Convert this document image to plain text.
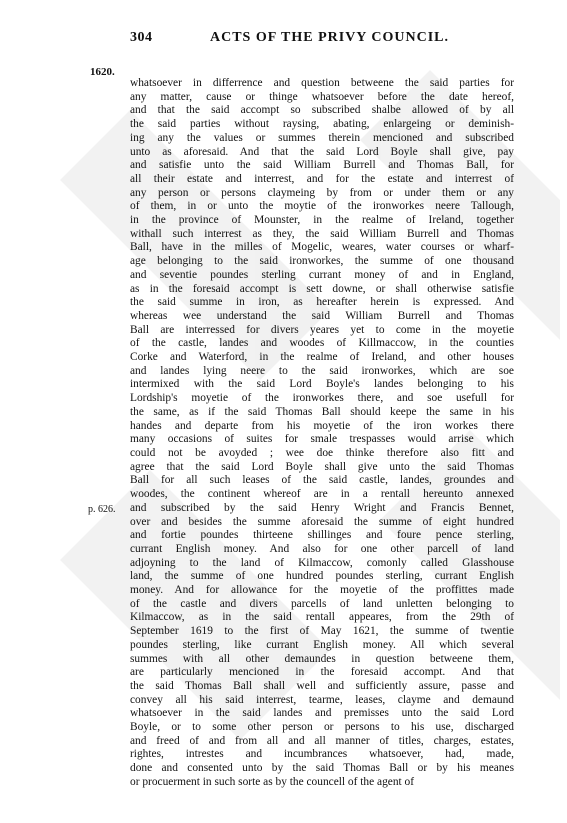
304	ACTS OF THE PRIVY COUNCIL.
1620.
p. 626.
whatsoever in differrence and question betweene the said parties for
any matter, cause or thinge whatsoever before the date hereof,
and that the said accompt so subscribed shalbe allowed of by all
the said parties without raysing, abating, enlargeing or deminish-
ing any the values or summes therein mencioned and subscribed
unto as aforesaid. And that the said Lord Boyle shall give, pay
and satisfie unto the said William Burrell and Thomas Ball, for
all their estate and interrest, and for the estate and interrest of
any person or persons claymeing by from or under them or any
of them, in or unto the moytie of the ironworkes neere Tallough,
in the province of Mounster, in the realme of Ireland, together
withall such interrest as they, the said William Burrell and Thomas
Ball, have in the milles of Mogelic, weares, water courses or wharf-
age belonging to the said ironworkes, the summe of one thousand
and seventie poundes sterling currant money of and in England,
as in the foresaid accompt is sett downe, or shall otherwise satisfie
the said summe in iron, as hereafter herein is expressed. And
whereas wee understand the said William Burrell and Thomas
Ball are interressed for divers yeares yet to come in the moyetie
of the castle, landes and woodes of Killmaccow, in the counties
Corke and Waterford, in the realme of Ireland, and other houses
and landes lying neere to the said ironworkes, which are soe
intermixed with the said Lord Boyle's landes belonging to his
Lordship's moyetie of the ironworkes there, and soe usefull for
the same, as if the said Thomas Ball should keepe the same in his
handes and departe from his moyetie of the iron workes there
many occasions of suites for smale trespasses would arrise which
could not be avoyded ; wee doe thinke therefore also fitt and
agree that the said Lord Boyle shall give unto the said Thomas
Ball for all such leases of the said castle, landes, groundes and
woodes, the continent whereof are in a rentall hereunto annexed
and subscribed by the said Henry Wright and Francis Bennet,
over and besides the summe aforesaid the summe of eight hundred
and fortie poundes thirteene shillinges and foure pence sterling,
currant English money. And also for one other parcell of land
adjoyning to the land of Kilmaccow, comonly called Glasshouse
land, the summe of one hundred poundes sterling, currant English
money. And for allowance for the moyetie of the proffittes made
of the castle and divers parcells of land unletten belonging to
Kilmaccow, as in the said rentall appeares, from the 29th of
September 1619 to the first of May 1621, the summe of twentie
poundes sterling, like currant English money. All which several
summes with all other demaundes in question betweene them,
are particularly mencioned in the foresaid accompt. And that
the said Thomas Ball shall well and sufficiently assure, passe and
convey all his said interrest, tearme, leases, clayme and demaund
whatsoever in the said landes and premisses unto the said Lord
Boyle, or to some other person or persons to his use, discharged
and freed of and from all and all manner of titles, charges, estates,
rightes, intrestes and incumbrances whatsoever, had, made,
done and consented unto by the said Thomas Ball or by his meanes
or procuerment in such sorte as by the councell of the agent of
